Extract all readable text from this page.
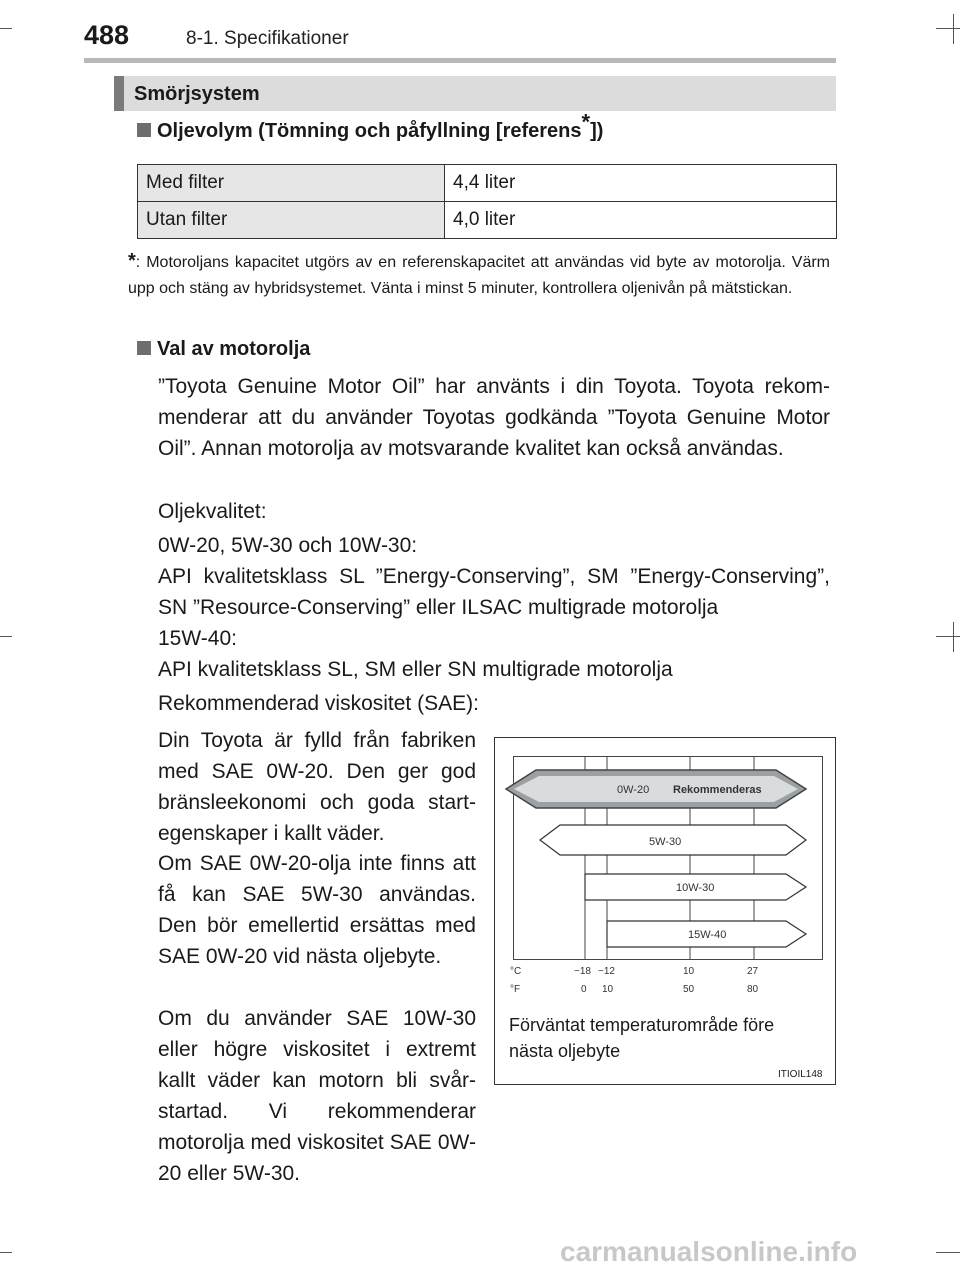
488	8-1. Specifikationer
Smörjsystem
Oljevolym (Tömning och påfyllning [referens*])
Med filter	4,4 liter
Utan filter	4,0 liter
*: Motoroljans kapacitet utgörs av en referenskapacitet att användas vid byte av motorolja. Värm upp och stäng av hybridsystemet. Vänta i minst 5 minuter, kontrollera oljenivån på mätstickan.
Val av motorolja
”Toyota Genuine Motor Oil” har använts i din Toyota. Toyota rekommenderar att du använder Toyotas godkända ”Toyota Genuine Motor Oil”. Annan motorolja av motsvarande kvalitet kan också användas.
Oljekvalitet:
0W-20, 5W-30 och 10W-30:
API kvalitetsklass SL ”Energy-Conserving”, SM ”Energy-Conserving”, SN ”Resource-Conserving” eller ILSAC multigrade motorolja
15W-40:
API kvalitetsklass SL, SM eller SN multigrade motorolja
Rekommenderad viskositet (SAE):
Din Toyota är fylld från fabriken med SAE 0W-20. Den ger god bränsleekonomi och goda startegenskaper i kallt väder.
Om SAE 0W-20-olja inte finns att få kan SAE 5W-30 användas. Den bör emellertid ersättas med SAE 0W-20 vid nästa oljebyte.
Om du använder SAE 10W-30 eller högre viskositet i extremt kallt väder kan motorn bli svårstartad. Vi rekommenderar motorolja med viskositet SAE 0W-20 eller 5W-30.
0W-20 Rekommenderas
5W-30
10W-30
15W-40
°C
°F
−18 −12	10	27
0 10	50	80
Förväntat temperaturområde före nästa oljebyte
ITIOIL148
carmanualsonline.info
